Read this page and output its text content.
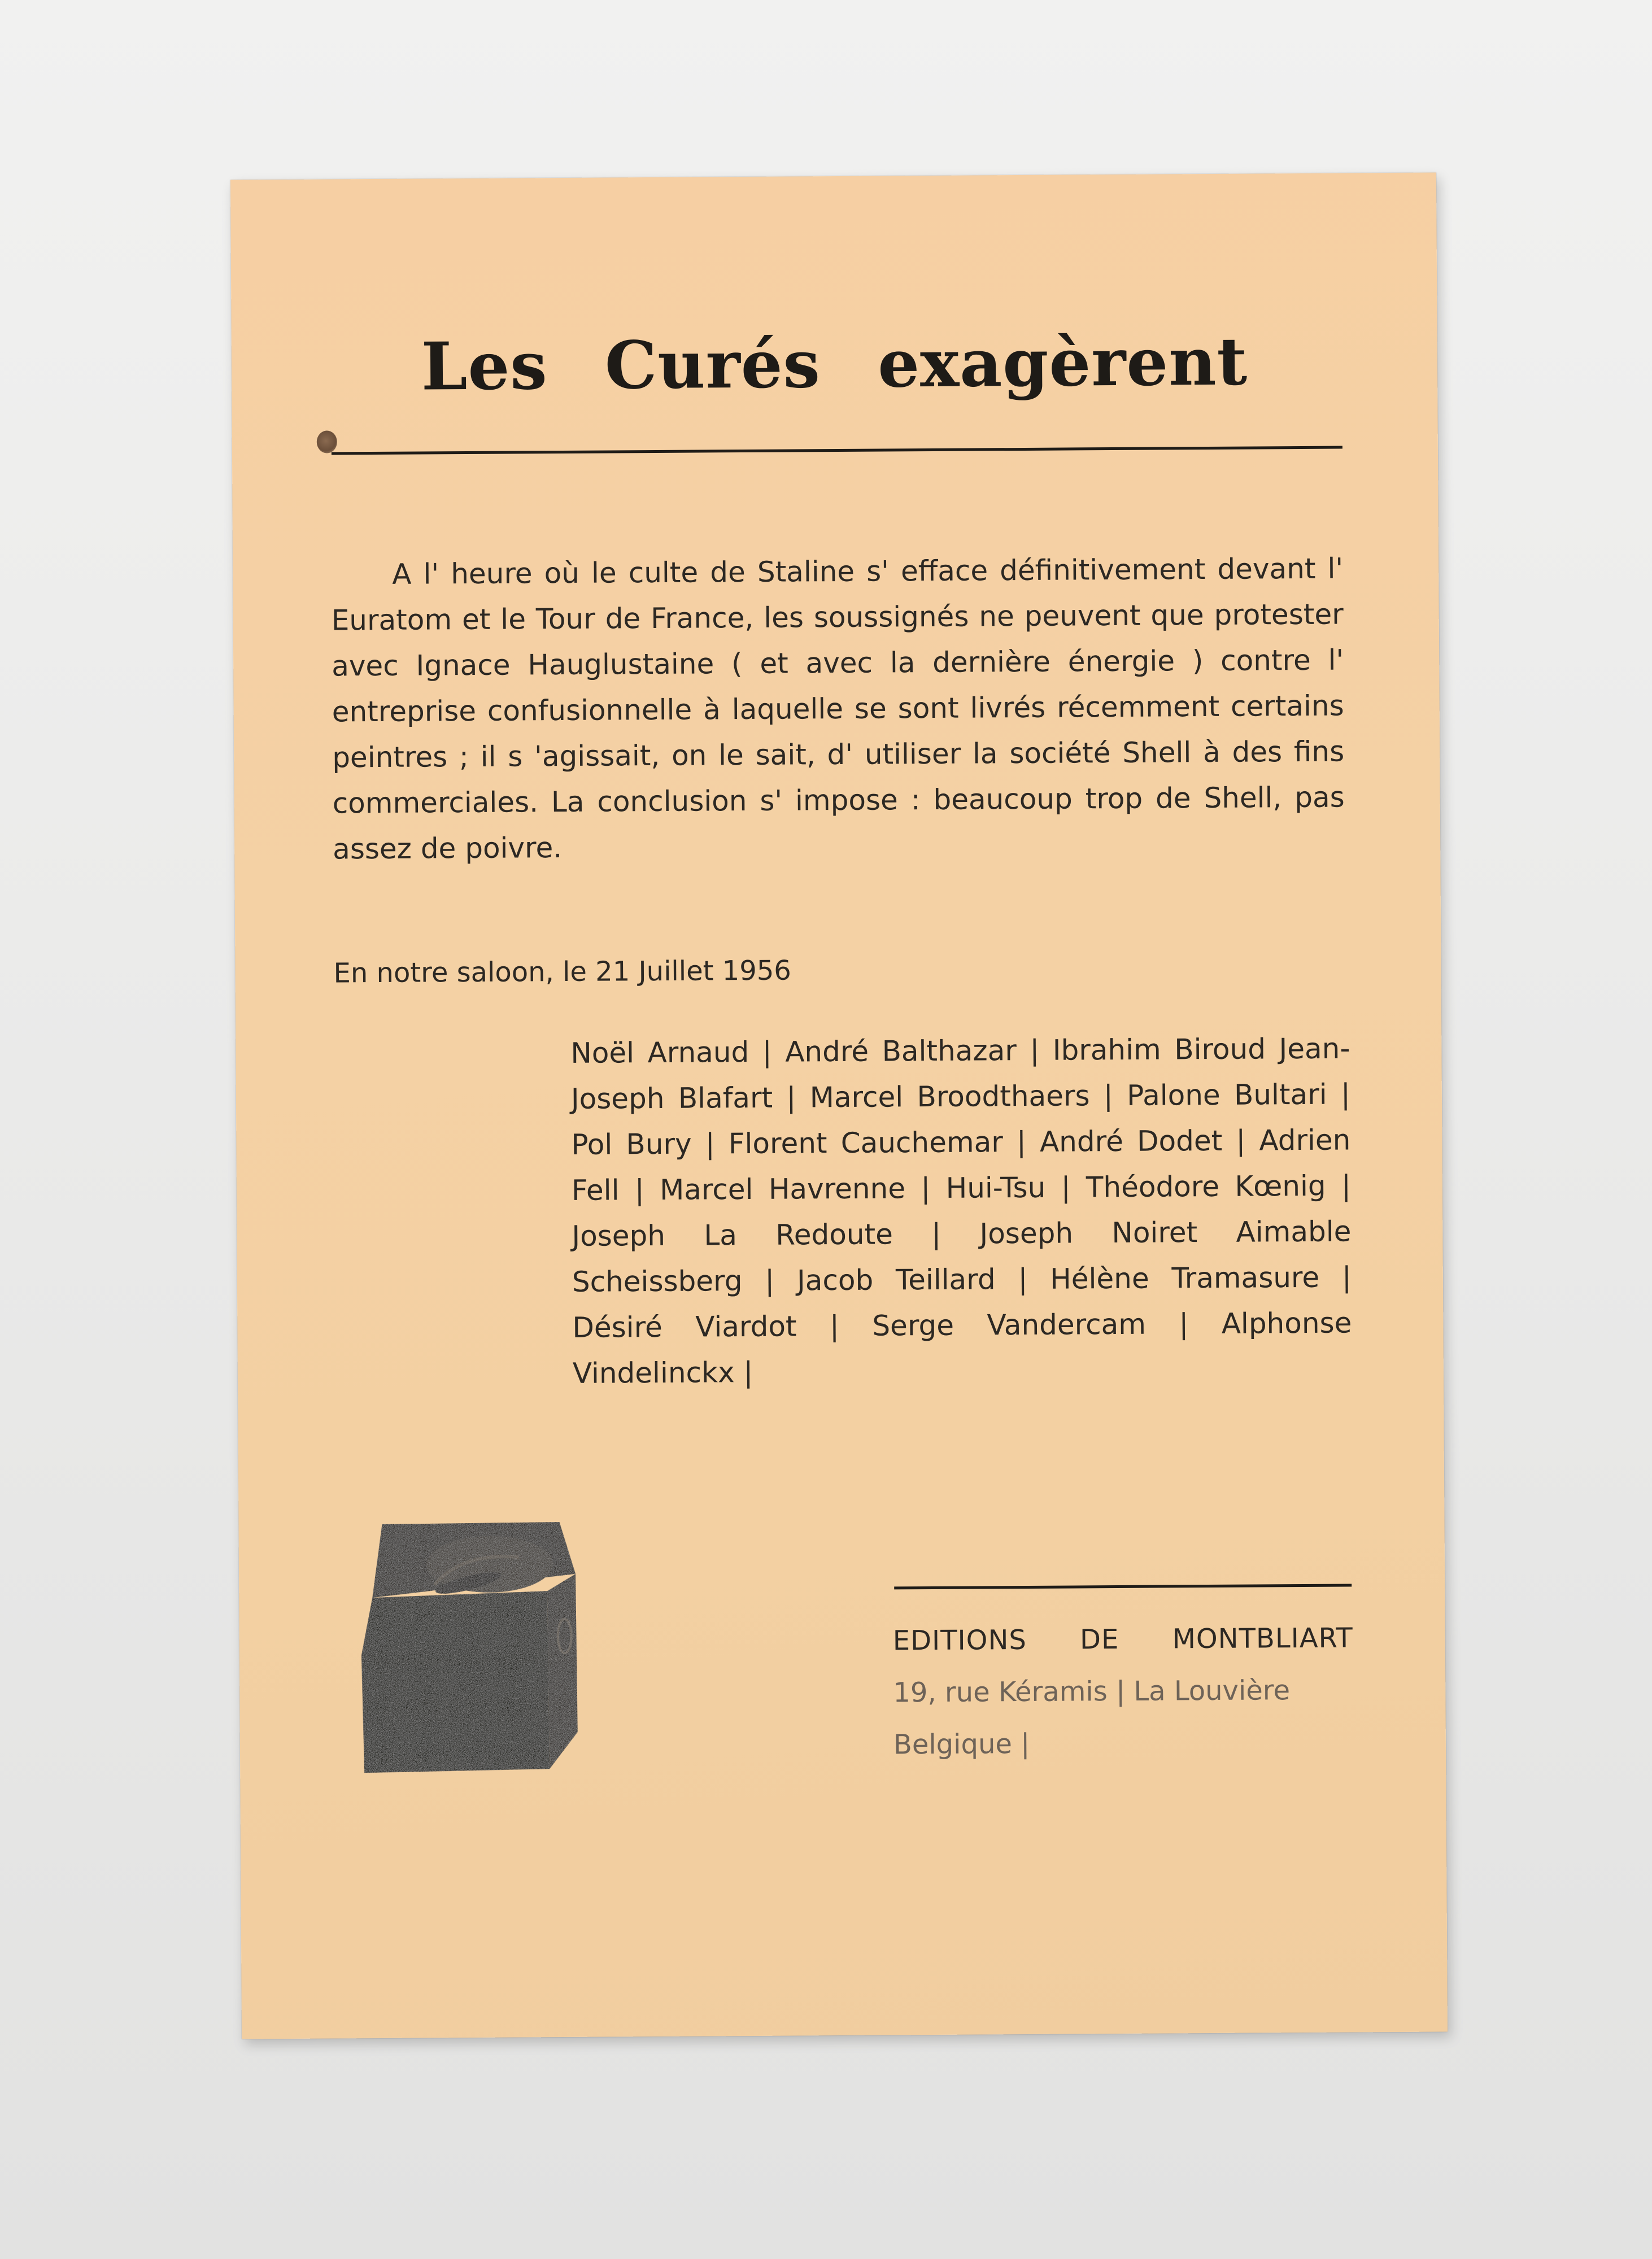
Les Curés exagèrent

A l' heure où le culte de Staline s' efface définitivement devant l' Euratom et le Tour de France, les soussignés ne peuvent que protester avec Ignace Hauglustaine ( et avec la dernière énergie ) contre l' entreprise confusionnelle à laquelle se sont livrés récemment certains peintres ; il s 'agissait, on le sait, d' utiliser la société Shell à des fins commerciales. La conclusion s' impose : beaucoup trop de Shell, pas assez de poivre.

En notre saloon, le 21 Juillet 1956

Noël Arnaud | André Balthazar | Ibrahim Biroud Jean-Joseph Blafart | Marcel Broodthaers | Palone Bultari | Pol Bury | Florent Cauchemar | André Dodet | Adrien Fell | Marcel Havrenne | Hui-Tsu | Théodore Kœnig | Joseph La Redoute | Joseph Noiret Aimable Scheissberg | Jacob Teillard | Hélène Tramasure | Désiré Viardot | Serge Vandercam | Alphonse Vindelinckx |

EDITIONS DE MONTBLIART
19, rue Kéramis | La Louvière
Belgique |
